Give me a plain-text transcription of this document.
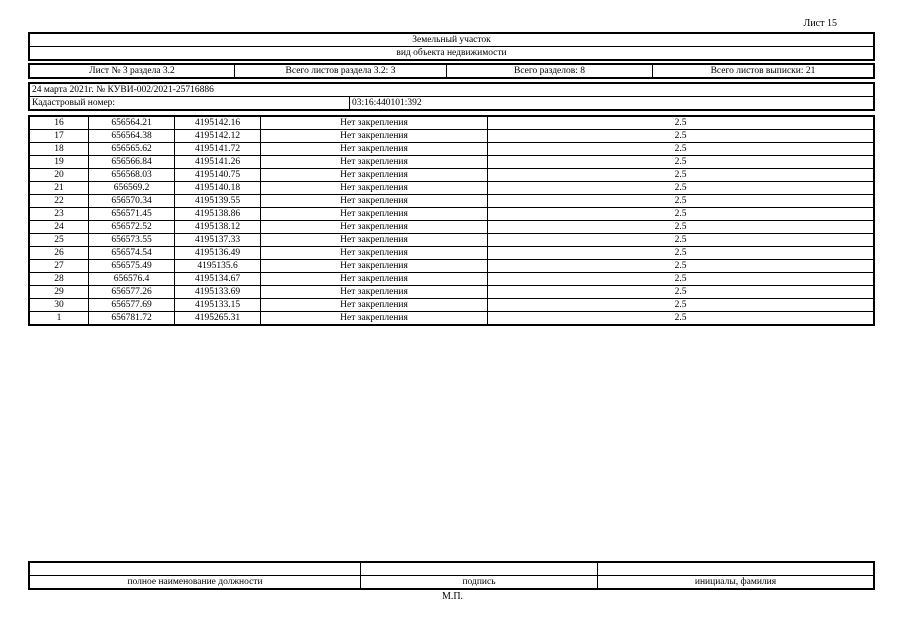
Лист 15
Земельный участок
вид объекта недвижимости
Лист № 3 раздела 3.2	Всего листов раздела 3.2: 3	Всего разделов: 8	Всего листов выписки: 21
24 марта 2021г. № КУВИ-002/2021-25716886
Кадастровый номер:	03:16:440101:392
16	656564.21	4195142.16	Нет закрепления	2.5
17	656564.38	4195142.12	Нет закрепления	2.5
18	656565.62	4195141.72	Нет закрепления	2.5
19	656566.84	4195141.26	Нет закрепления	2.5
20	656568.03	4195140.75	Нет закрепления	2.5
21	656569.2	4195140.18	Нет закрепления	2.5
22	656570.34	4195139.55	Нет закрепления	2.5
23	656571.45	4195138.86	Нет закрепления	2.5
24	656572.52	4195138.12	Нет закрепления	2.5
25	656573.55	4195137.33	Нет закрепления	2.5
26	656574.54	4195136.49	Нет закрепления	2.5
27	656575.49	4195135.6	Нет закрепления	2.5
28	656576.4	4195134.67	Нет закрепления	2.5
29	656577.26	4195133.69	Нет закрепления	2.5
30	656577.69	4195133.15	Нет закрепления	2.5
1	656781.72	4195265.31	Нет закрепления	2.5

полное наименование должности	подпись	инициалы, фамилия
М.П.
